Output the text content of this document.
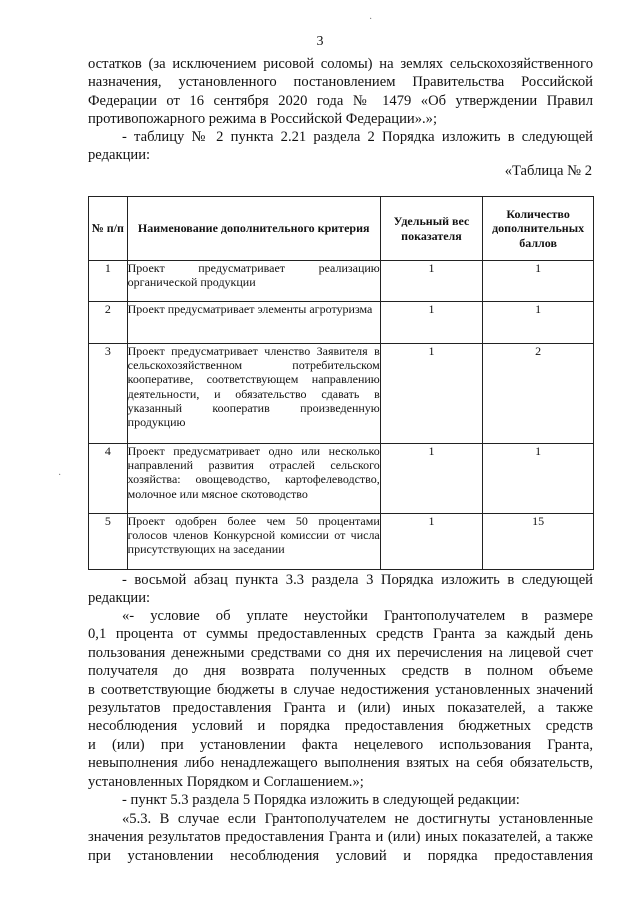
3
остатков (за исключением рисовой соломы) на землях сельскохозяйственного
назначения, установленного постановлением Правительства Российской
Федерации от 16 сентября 2020 года № 1479 «Об утверждении Правил
противопожарного режима в Российской Федерации».»;
- таблицу № 2 пункта 2.21 раздела 2 Порядка изложить в следующей
редакции:
«Таблица № 2
№ п/п	Наименование дополнительного критерия	Удельный вес показателя	Количество дополнительных баллов
1	Проект предусматривает реализацию органической продукции	1	1
2	Проект предусматривает элементы агротуризма	1	1
3	Проект предусматривает членство Заявителя в сельскохозяйственном потребительском кооперативе, соответствующем направлению деятельности, и обязательство сдавать в указанный кооператив произведенную продукцию	1	2
4	Проект предусматривает одно или несколько направлений развития отраслей сельского хозяйства: овощеводство, картофелеводство, молочное или мясное скотоводство	1	1
5	Проект одобрен более чем 50 процентами голосов членов Конкурсной комиссии от числа присутствующих на заседании	1	15
- восьмой абзац пункта 3.3 раздела 3 Порядка изложить в следующей
редакции:
«- условие об уплате неустойки Грантополучателем в размере
0,1 процента от суммы предоставленных средств Гранта за каждый день
пользования денежными средствами со дня их перечисления на лицевой счет
получателя до дня возврата полученных средств в полном объеме
в соответствующие бюджеты в случае недостижения установленных значений
результатов предоставления Гранта и (или) иных показателей, а также
несоблюдения условий и порядка предоставления бюджетных средств
и (или) при установлении факта нецелевого использования Гранта,
невыполнения либо ненадлежащего выполнения взятых на себя обязательств,
установленных Порядком и Соглашением.»;
- пункт 5.3 раздела 5 Порядка изложить в следующей редакции:
«5.3. В случае если Грантополучателем не достигнуты установленные
значения результатов предоставления Гранта и (или) иных показателей, а также
при установлении несоблюдения условий и порядка предоставления
·
·
